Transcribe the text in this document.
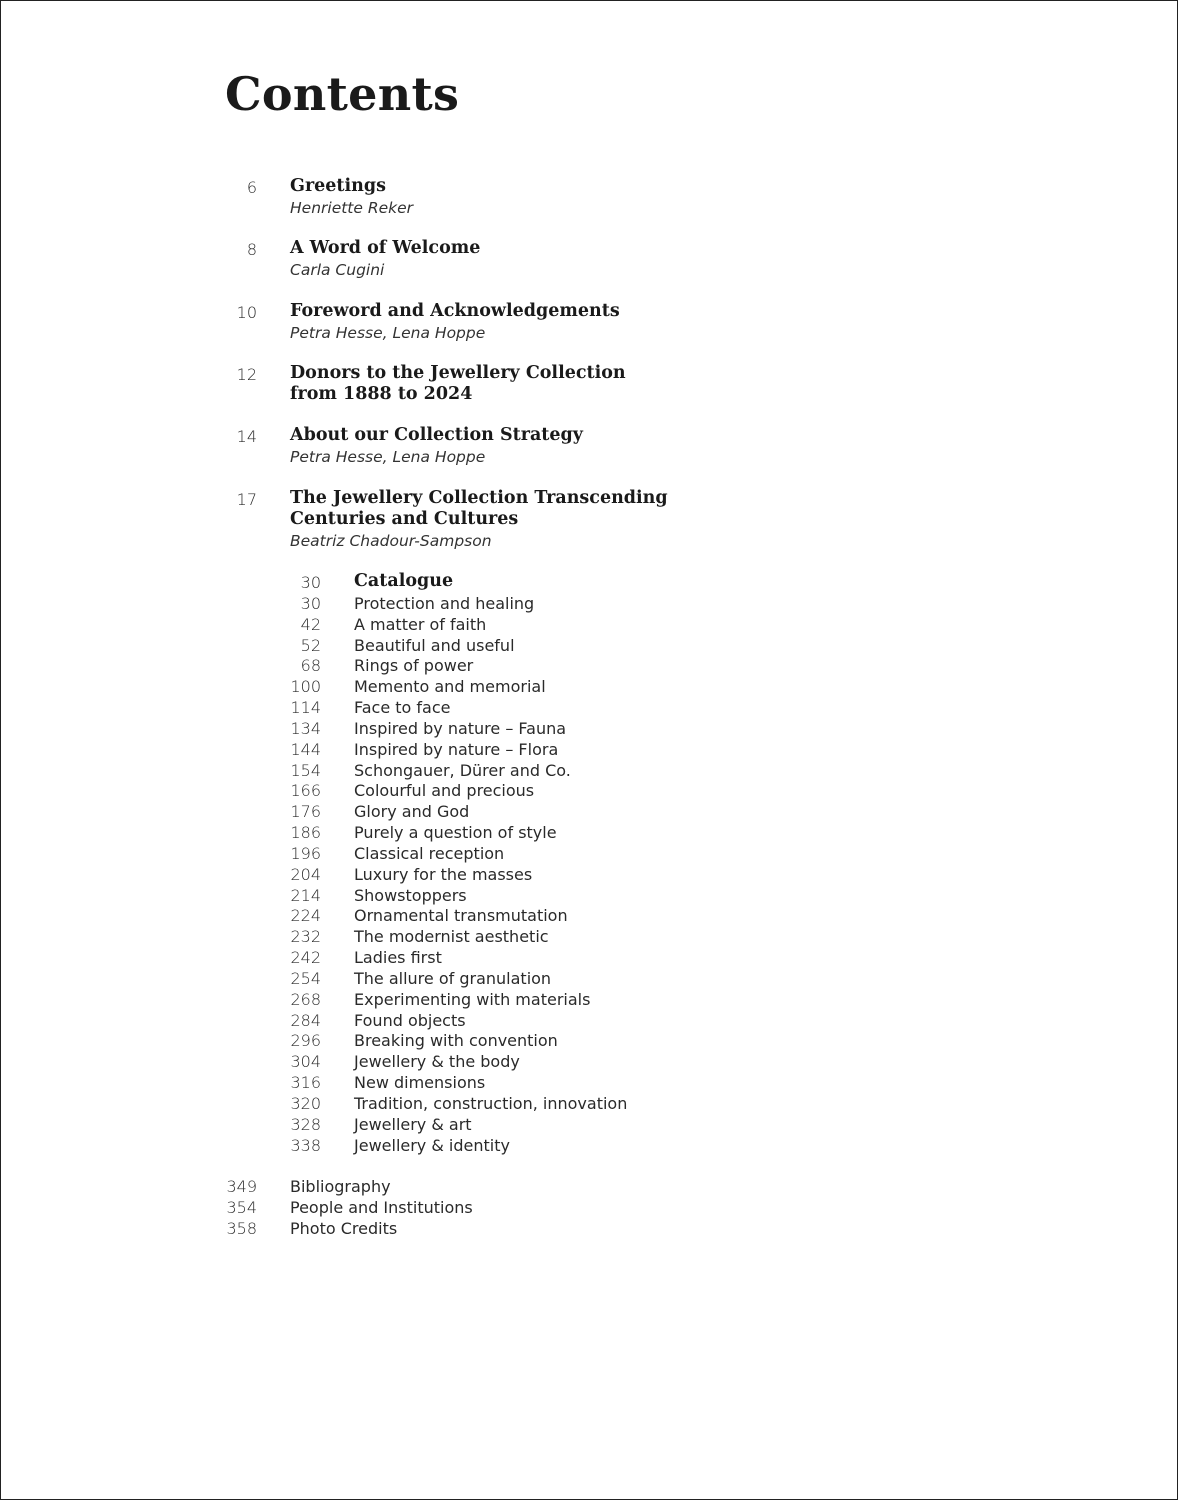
Contents
6 Greetings
Henriette Reker
8 A Word of Welcome
Carla Cugini
10 Foreword and Acknowledgements
Petra Hesse, Lena Hoppe
12 Donors to the Jewellery Collection
from 1888 to 2024
14 About our Collection Strategy
Petra Hesse, Lena Hoppe
17 The Jewellery Collection Transcending
Centuries and Cultures
Beatriz Chadour-Sampson
30 Catalogue
30 Protection and healing
42 A matter of faith
52 Beautiful and useful
68 Rings of power
100 Memento and memorial
114 Face to face
134 Inspired by nature – Fauna
144 Inspired by nature – Flora
154 Schongauer, Dürer and Co.
166 Colourful and precious
176 Glory and God
186 Purely a question of style
196 Classical reception
204 Luxury for the masses
214 Showstoppers
224 Ornamental transmutation
232 The modernist aesthetic
242 Ladies first
254 The allure of granulation
268 Experimenting with materials
284 Found objects
296 Breaking with convention
304 Jewellery & the body
316 New dimensions
320 Tradition, construction, innovation
328 Jewellery & art
338 Jewellery & identity
349 Bibliography
354 People and Institutions
358 Photo Credits
